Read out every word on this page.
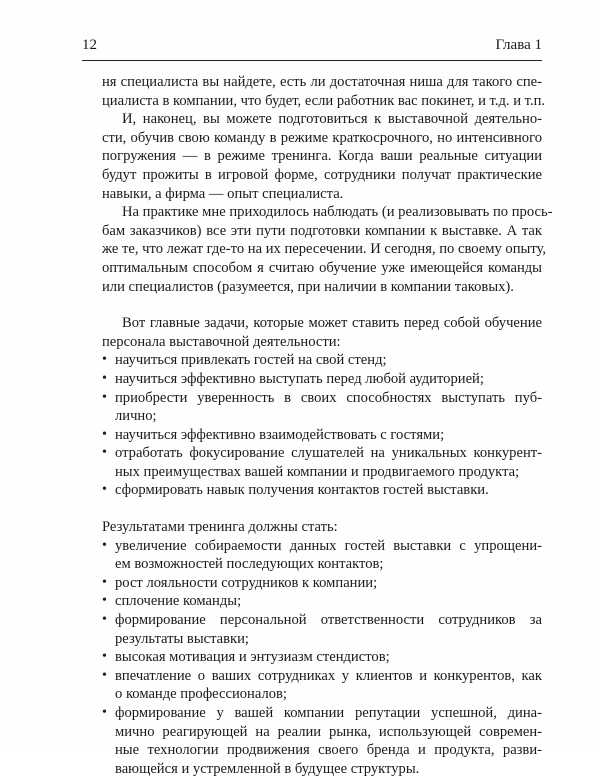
12	Глава 1
ня специалиста вы найдете, есть ли достаточная ниша для такого спе-
циалиста в компании, что будет, если работник вас покинет, и т.д. и т.п.
И, наконец, вы можете подготовиться к выставочной деятельно-
сти, обучив свою команду в режиме краткосрочного, но интенсивного
погружения — в режиме тренинга. Когда ваши реальные ситуации
будут прожиты в игровой форме, сотрудники получат практические
навыки, а фирма — опыт специалиста.
На практике мне приходилось наблюдать (и реализовывать по прось-
бам заказчиков) все эти пути подготовки компании к выставке. А так
же те, что лежат где-то на их пересечении. И сегодня, по своему опыту,
оптимальным способом я считаю обучение уже имеющейся команды
или специалистов (разумеется, при наличии в компании таковых).
Вот главные задачи, которые может ставить перед собой обучение
персонала выставочной деятельности:
• научиться привлекать гостей на свой стенд;
• научиться эффективно выступать перед любой аудиторией;
• приобрести уверенность в своих способностях выступать пуб-
лично;
• научиться эффективно взаимодействовать с гостями;
• отработать фокусирование слушателей на уникальных конкурент-
ных преимуществах вашей компании и продвигаемого продукта;
• сформировать навык получения контактов гостей выставки.
Результатами тренинга должны стать:
• увеличение собираемости данных гостей выставки с упрощени-
ем возможностей последующих контактов;
• рост лояльности сотрудников к компании;
• сплочение команды;
• формирование персональной ответственности сотрудников за
результаты выставки;
• высокая мотивация и энтузиазм стендистов;
• впечатление о ваших сотрудниках у клиентов и конкурентов, как
о команде профессионалов;
• формирование у вашей компании репутации успешной, дина-
мично реагирующей на реалии рынка, использующей современ-
ные технологии продвижения своего бренда и продукта, разви-
вающейся и устремленной в будущее структуры.
